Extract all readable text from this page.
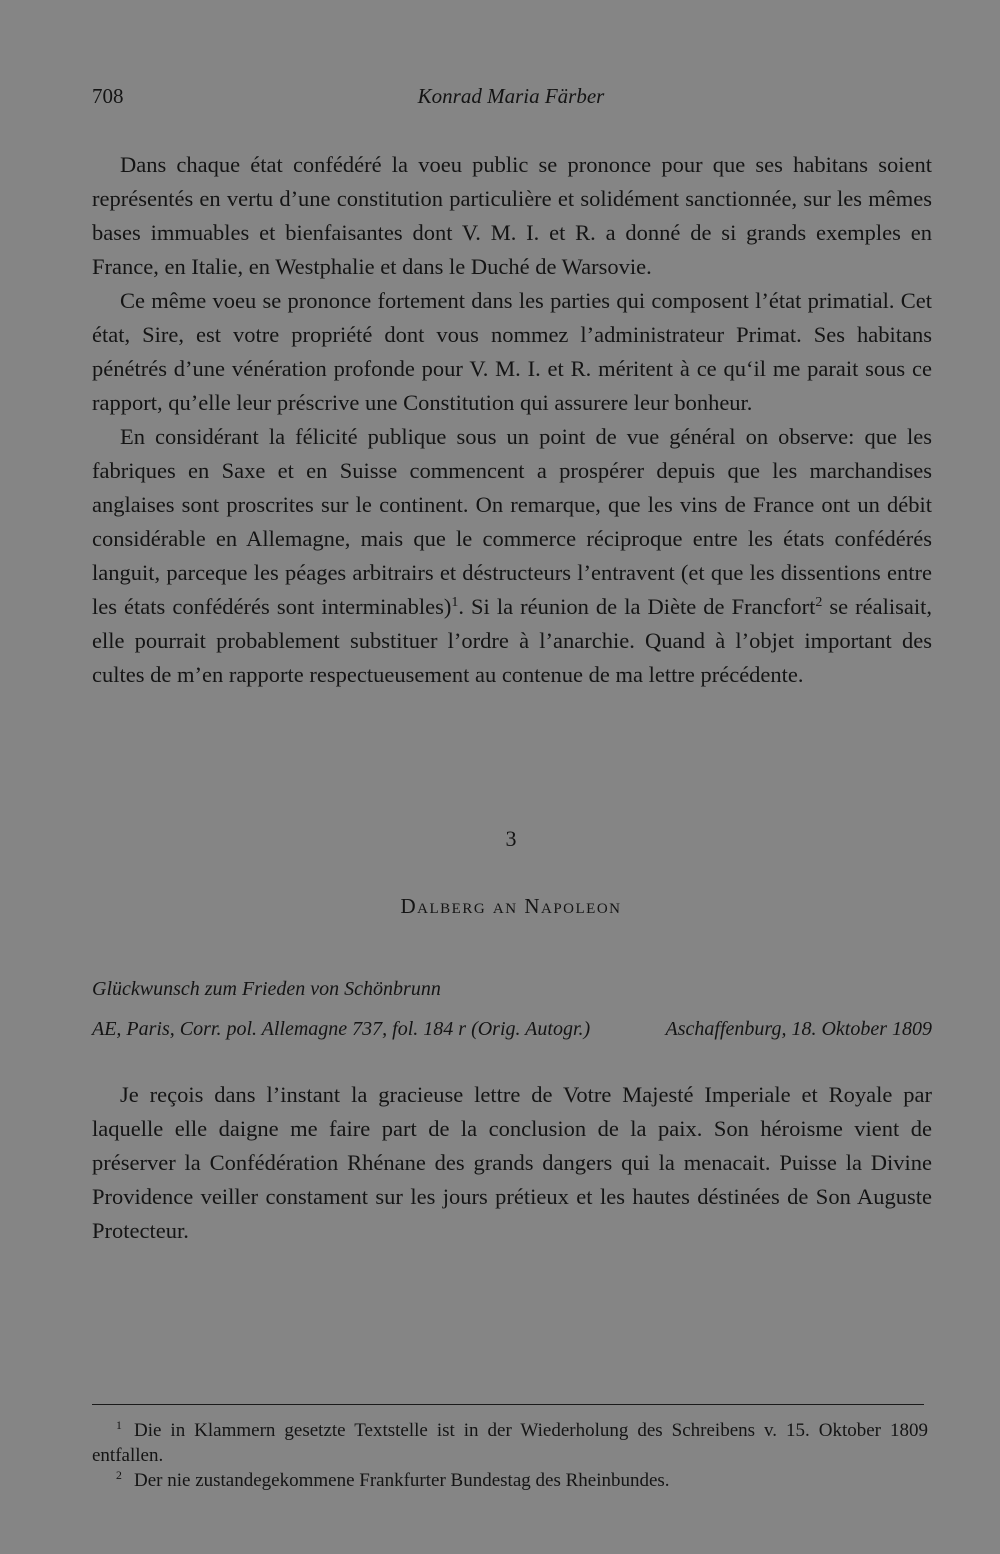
708	Konrad Maria Färber

Dans chaque état confédéré la voeu public se prononce pour que ses habitans soient représentés en vertu d’une constitution particulière et solidément sanctionnée, sur les mêmes bases immuables et bienfaisantes dont V. M. I. et R. a donné de si grands exemples en France, en Italie, en Westphalie et dans le Duché de Warsovie.

Ce même voeu se prononce fortement dans les parties qui composent l’état primatial. Cet état, Sire, est votre propriété dont vous nommez l’administrateur Primat. Ses habitans pénétrés d’une vénération profonde pour V. M. I. et R. méritent à ce qu‘il me parait sous ce rapport, qu’elle leur préscrive une Constitution qui assurere leur bonheur.

En considérant la félicité publique sous un point de vue général on observe: que les fabriques en Saxe et en Suisse commencent a prospérer depuis que les marchandises anglaises sont proscrites sur le continent. On remarque, que les vins de France ont un débit considérable en Allemagne, mais que le commerce réciproque entre les états confédérés languit, parceque les péages arbitrairs et déstructeurs l’entravent (et que les dissentions entre les états confédérés sont interminables)$^1$. Si la réunion de la Diète de Francfort$^2$ se réalisait, elle pourrait probablement substituer l’ordre à l’anarchie. Quand à l’objet important des cultes de m’en rapporte respectueusement au contenue de ma lettre précédente.

3
Dalberg an Napoleon
Glückwunsch zum Frieden von Schönbrunn
AE, Paris, Corr. pol. Allemagne 737, fol. 184 r (Orig. Autogr.)	Aschaffenburg, 18. Oktober 1809

Je reçois dans l’instant la gracieuse lettre de Votre Majesté Imperiale et Royale par laquelle elle daigne me faire part de la conclusion de la paix. Son héroisme vient de préserver la Confédération Rhénane des grands dangers qui la menacait. Puisse la Divine Providence veiller constament sur les jours prétieux et les hautes déstinées de Son Auguste Protecteur.

$^1$ Die in Klammern gesetzte Textstelle ist in der Wiederholung des Schreibens v. 15. Oktober 1809 entfallen.

$^2$ Der nie zustandegekommene Frankfurter Bundestag des Rheinbundes.
